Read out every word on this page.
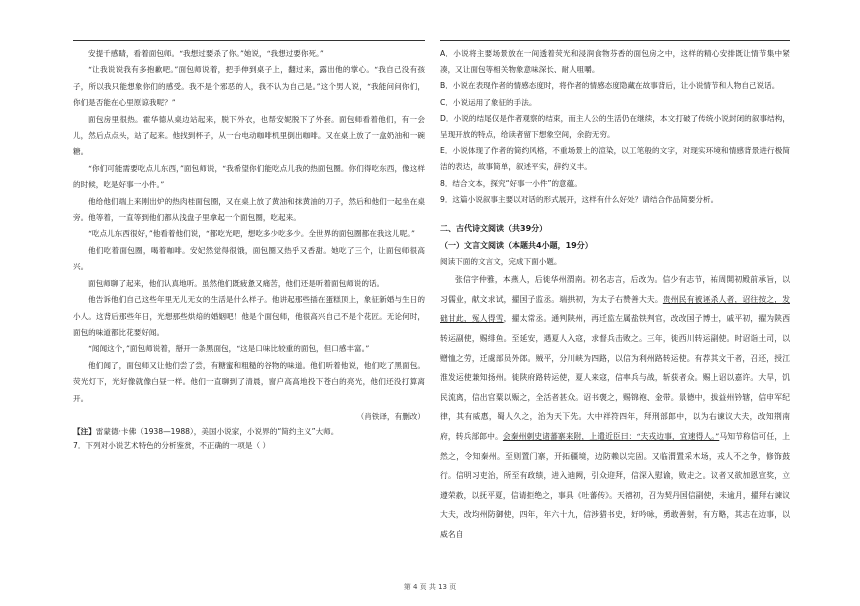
安提千感睛，看着面包师。“我想过要杀了你。”她说，“我想过要你死。”

“让我说说我有多抱歉吧。”面包师说着，把手伸到桌子上，翻过来，露出他的掌心。“我自己没有孩子，所以我只能想象你们的感受。我不是个邪恶的人，我不认为自己是。”这个男人说，“我能问问你们，你们是否能在心里原谅我呢？”

面包房里很热。霍华德从桌边站起来，脱下外衣，也帮安妮脱下了外套。面包师看着他们，有一会儿，然后点点头，站了起来。他找到杯子，从一台电动咖啡机里倒出咖啡。又在桌上放了一盒奶油和一碗糖。

“你们可能需要吃点儿东西，”面包师说，“我希望你们能吃点儿我的热面包圈。你们得吃东西，像这样的时候，吃是好事一小件。”

他给他们端上来刚出炉的热肉桂面包圈，又在桌上放了黄油和抹黄油的刀子，然后和他们一起坐在桌旁。他等着，一直等到他们都从浅盘子里拿起一个面包圈，吃起来。

“吃点儿东西很好，”他看着他们说，“都吃光吧，想吃多少吃多少。全世界的面包圈都在我这儿呢。”

他们吃着面包圈，喝着咖啡。安妃然觉得很饿，面包圈又热乎又香甜。她吃了三个，让面包师很高兴。

面包师聊了起来，他们认真地听。虽然他们既疲惫又痛苦，他们还是听着面包师说的话。

他告诉他们自己这些年里无儿无女的生活是什么样子。他讲起那些插在蛋糕顶上，象征新婚与生日的小人。这背后那些年日，光想那些烘焙的婚姻吧！他是个面包师，他很高兴自己不是个花匠。无论何时，面包的味道都比花要好闻。

“闻闻这个，”面包师说着，掰开一条黑面包，“这是口味比较重的面包，但口感丰富。”

他们闻了，面包师又让他们尝了尝，有糖蜜和粗糙的谷物的味道。他们听着他说，他们吃了黑面包。荧光灯下，光好像就像白昼一样。他们一直聊到了清晨，窗户高高地投下苍白的亮光，他们还没打算离开。

（肖铁译，有删改）

【注】雷蒙德·卡佛（1938—1988），美国小说家，小说界的“简约主义”大师。

7．下列对小说艺术特色的分析鉴赏，不正确的一项是（ ）

A．小说将主要场景放在一间透着荧光和浸润食物芬香的面包房之中，这样的精心安排既让情节集中紧凑，又让面包等相关物象意味深长、耐人咀嚼。

B．小说在表现作者的情感态度时，将作者的情感态度隐藏在故事背后，让小说情节和人物自己说话。

C．小说运用了象征的手法。

D．小说的结尾仅是作者观察的结束，而主人公的生活仍在继续，本文打破了传统小说封闭的叙事结构，呈现开放的特点，给读者留下想象空间，余韵无穷。

E．小说体现了作者的简约风格，不重场景上的渲染，以工笔般的文字，对现实环境和情感背景进行极简洁的表达，故事简单，叙述平实，辞约义丰。

8．结合文本，探究“好事一小件”的意蕴。

9．这篇小说叙事主要以对话的形式展开，这样有什么好处？请结合作品简要分析。

二、古代诗文阅读（共39分）

（一）文言文阅读（本题共4小题，19分）

阅读下面的文言文，完成下面小题。

张信字仲雅，本燕人，后徙华州渭南。初名志言，后改为。信少有志节，祐周開初殿前承旨，以习儒业，献文求试，擢国子监丞。端拱初，为太子右赞善大夫。贵州民有被诬杀人者，诏往按之，发础甘此，冤人得雪，擢太常丞。通判陕州，再迁监左属盐铁判官，改改国子博士，戚平初，擢为陕西转运副使，赐绯鱼。至延安，遇夏人入寇，求督兵击败之。三年，徙西川转运副使。时诏诣土司，以赠恤之劳，迁虞部员外郎。贼平，分川峡为四路，以信为利州路转运使。有荐其文干者，召还，授江淮发运使兼知扬州。徙陕府路转运使，夏人来寇，信率兵与战，斩获者众。赐上诏以嘉许。大旱，饥民流离，信出官粟以赈之，全活者甚众。诏书褒之，赐锦袍、金带。景德中，拔益州钤辖，信申军纪律，其有威惠，蜀人久之，治为天下先。大中祥符四年，拜刑部郎中，以为右谏议大夫，改知荆南府，转兵部郎中。会秦州刺史诸蕃寨来附，上遣近臣曰：“夫戎边事，宜速得人。”马知节称信可任，上然之，令知秦州。至则置门寨，开拓疆境，边防赖以完固。又临渭置采木场，戎人不之争，修饰鼓行。信明习吏治，所至有政绩，进入迪阙，引众迎拜，信深入慰谕，败走之。议者又欲加恩宣奖，立遵荣赦，以抚平夏，信请拒绝之，事具《吐蕃传》。天禧初，召为契丹国信副使，未逾月，擢拜右谏议大夫，改均州防御使，四年，年六十九，信涉猎书史，好吟咏，勇敢善射，有方略，其志在边事，以威名自

第 4 页 共 13 页
